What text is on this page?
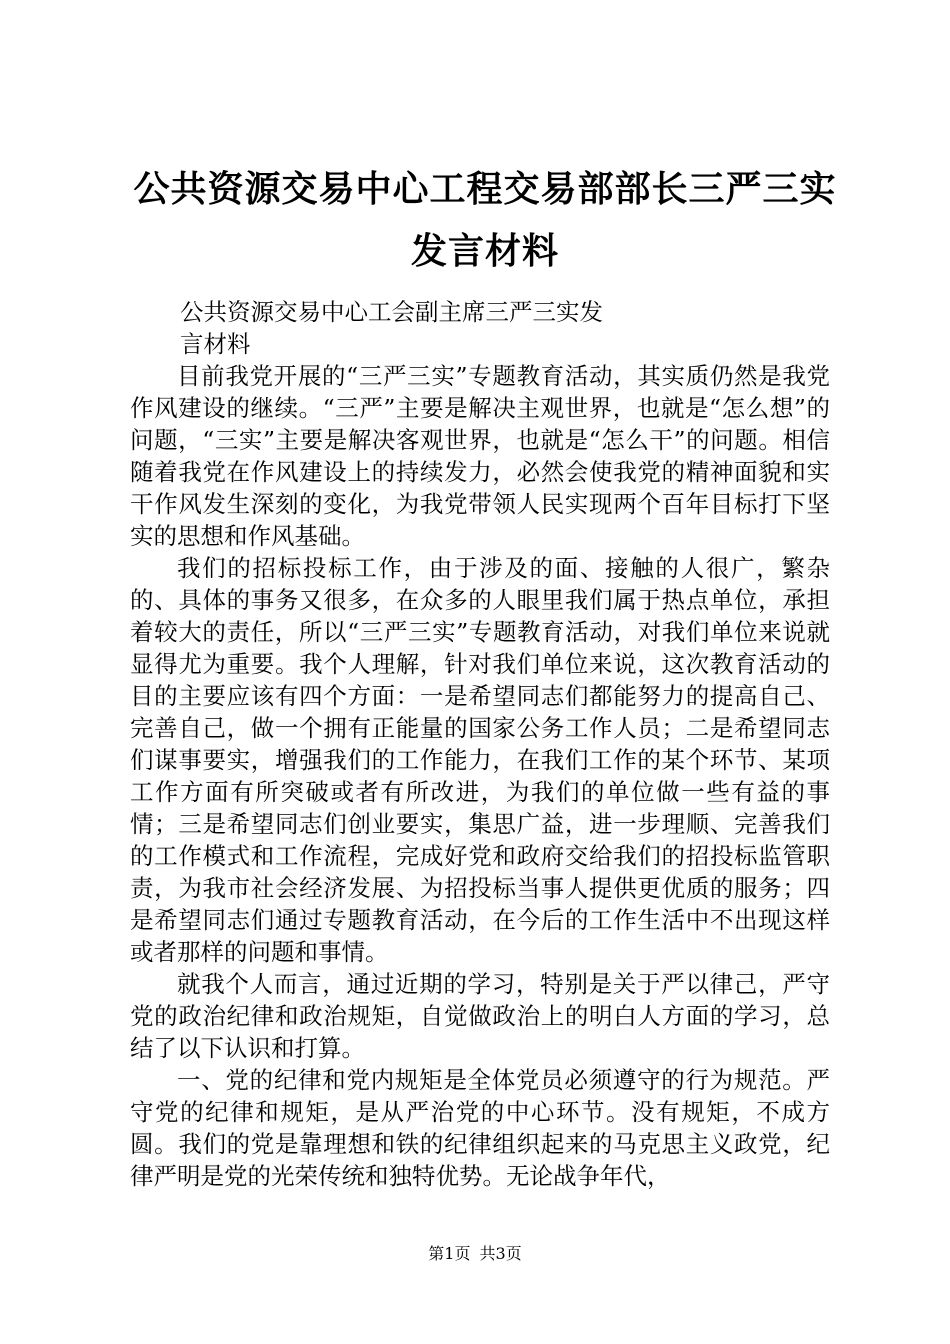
公共资源交易中心工程交易部部长三严三实发言材料
公共资源交易中心工会副主席三严三实发
言材料

目前我党开展的“三严三实”专题教育活动，其实质仍然是我党作风建设的继续。“三严”主要是解决主观世界，也就是“怎么想”的问题，“三实”主要是解决客观世界，也就是“怎么干”的问题。相信随着我党在作风建设上的持续发力，必然会使我党的精神面貌和实干作风发生深刻的变化，为我党带领人民实现两个百年目标打下坚实的思想和作风基础。

我们的招标投标工作，由于涉及的面、接触的人很广，繁杂的、具体的事务又很多，在众多的人眼里我们属于热点单位，承担着较大的责任，所以“三严三实”专题教育活动，对我们单位来说就显得尤为重要。我个人理解，针对我们单位来说，这次教育活动的目的主要应该有四个方面：一是希望同志们都能努力的提高自己、完善自己，做一个拥有正能量的国家公务工作人员；二是希望同志们谋事要实，增强我们的工作能力，在我们工作的某个环节、某项工作方面有所突破或者有所改进，为我们的单位做一些有益的事情；三是希望同志们创业要实，集思广益，进一步理顺、完善我们的工作模式和工作流程，完成好党和政府交给我们的招投标监管职责，为我市社会经济发展、为招投标当事人提供更优质的服务；四是希望同志们通过专题教育活动，在今后的工作生活中不出现这样或者那样的问题和事情。

就我个人而言，通过近期的学习，特别是关于严以律己，严守党的政治纪律和政治规矩，自觉做政治上的明白人方面的学习，总结了以下认识和打算。

一、党的纪律和党内规矩是全体党员必须遵守的行为规范。严守党的纪律和规矩，是从严治党的中心环节。没有规矩，不成方圆。我们的党是靠理想和铁的纪律组织起来的马克思主义政党，纪律严明是党的光荣传统和独特优势。无论战争年代，

第1页 共3页
